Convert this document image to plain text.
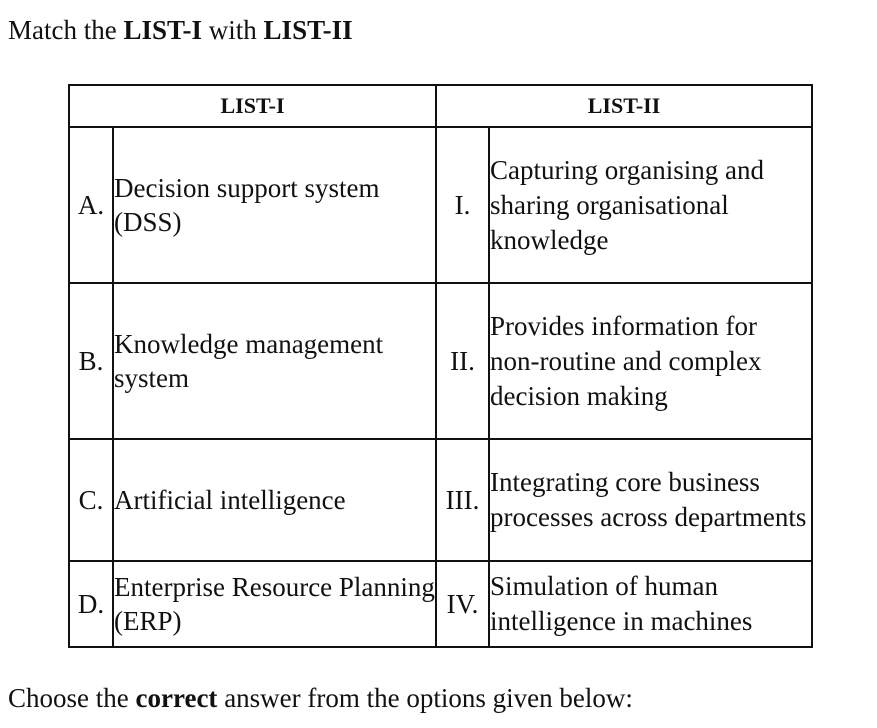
Match the LIST-I with LIST-II
LIST-I		LIST-II	
A.	Decision support system (DSS)	I.	Capturing organising and sharing organisational knowledge
B.	Knowledge management system	II.	Provides information for non-routine and complex decision making
C.	Artificial intelligence	III.	Integrating core business processes across departments
D.	Enterprise Resource Planning (ERP)	IV.	Simulation of human intelligence in machines
Choose the correct answer from the options given below:
